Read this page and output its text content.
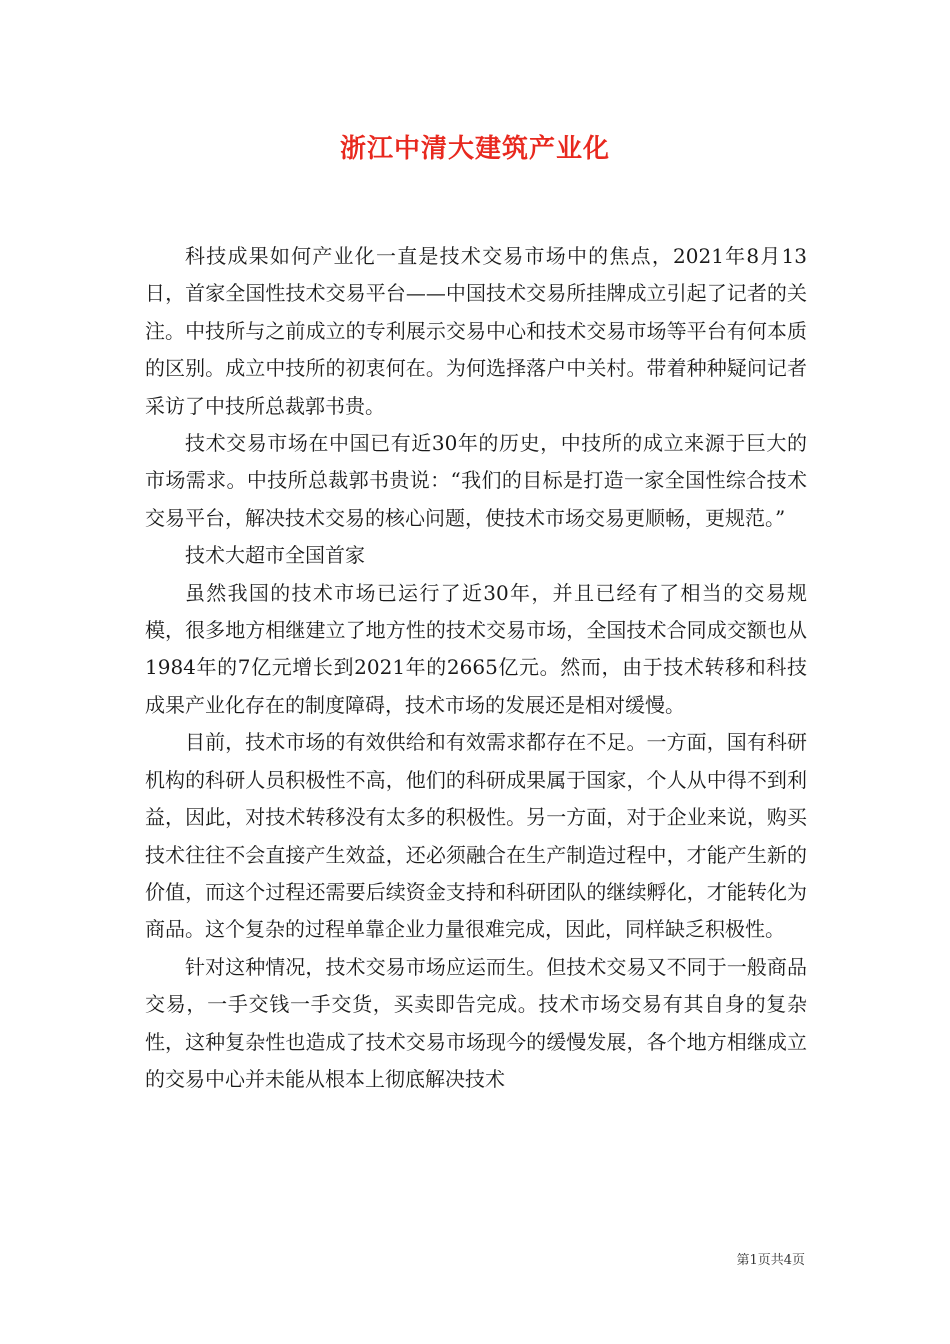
浙江中清大建筑产业化

科技成果如何产业化一直是技术交易市场中的焦点，2021年8月13日，首家全国性技术交易平台——中国技术交易所挂牌成立引起了记者的关注。中技所与之前成立的专利展示交易中心和技术交易市场等平台有何本质的区别。成立中技所的初衷何在。为何选择落户中关村。带着种种疑问记者采访了中技所总裁郭书贵。

技术交易市场在中国已有近30年的历史，中技所的成立来源于巨大的市场需求。中技所总裁郭书贵说：“我们的目标是打造一家全国性综合技术交易平台，解决技术交易的核心问题，使技术市场交易更顺畅，更规范。”

技术大超市全国首家

虽然我国的技术市场已运行了近30年，并且已经有了相当的交易规模，很多地方相继建立了地方性的技术交易市场，全国技术合同成交额也从1984年的7亿元增长到2021年的2665亿元。然而，由于技术转移和科技成果产业化存在的制度障碍，技术市场的发展还是相对缓慢。

目前，技术市场的有效供给和有效需求都存在不足。一方面，国有科研机构的科研人员积极性不高，他们的科研成果属于国家，个人从中得不到利益，因此，对技术转移没有太多的积极性。另一方面，对于企业来说，购买技术往往不会直接产生效益，还必须融合在生产制造过程中，才能产生新的价值，而这个过程还需要后续资金支持和科研团队的继续孵化，才能转化为商品。这个复杂的过程单靠企业力量很难完成，因此，同样缺乏积极性。

针对这种情况，技术交易市场应运而生。但技术交易又不同于一般商品交易，一手交钱一手交货，买卖即告完成。技术市场交易有其自身的复杂性，这种复杂性也造成了技术交易市场现今的缓慢发展，各个地方相继成立的交易中心并未能从根本上彻底解决技术

第1页共4页
